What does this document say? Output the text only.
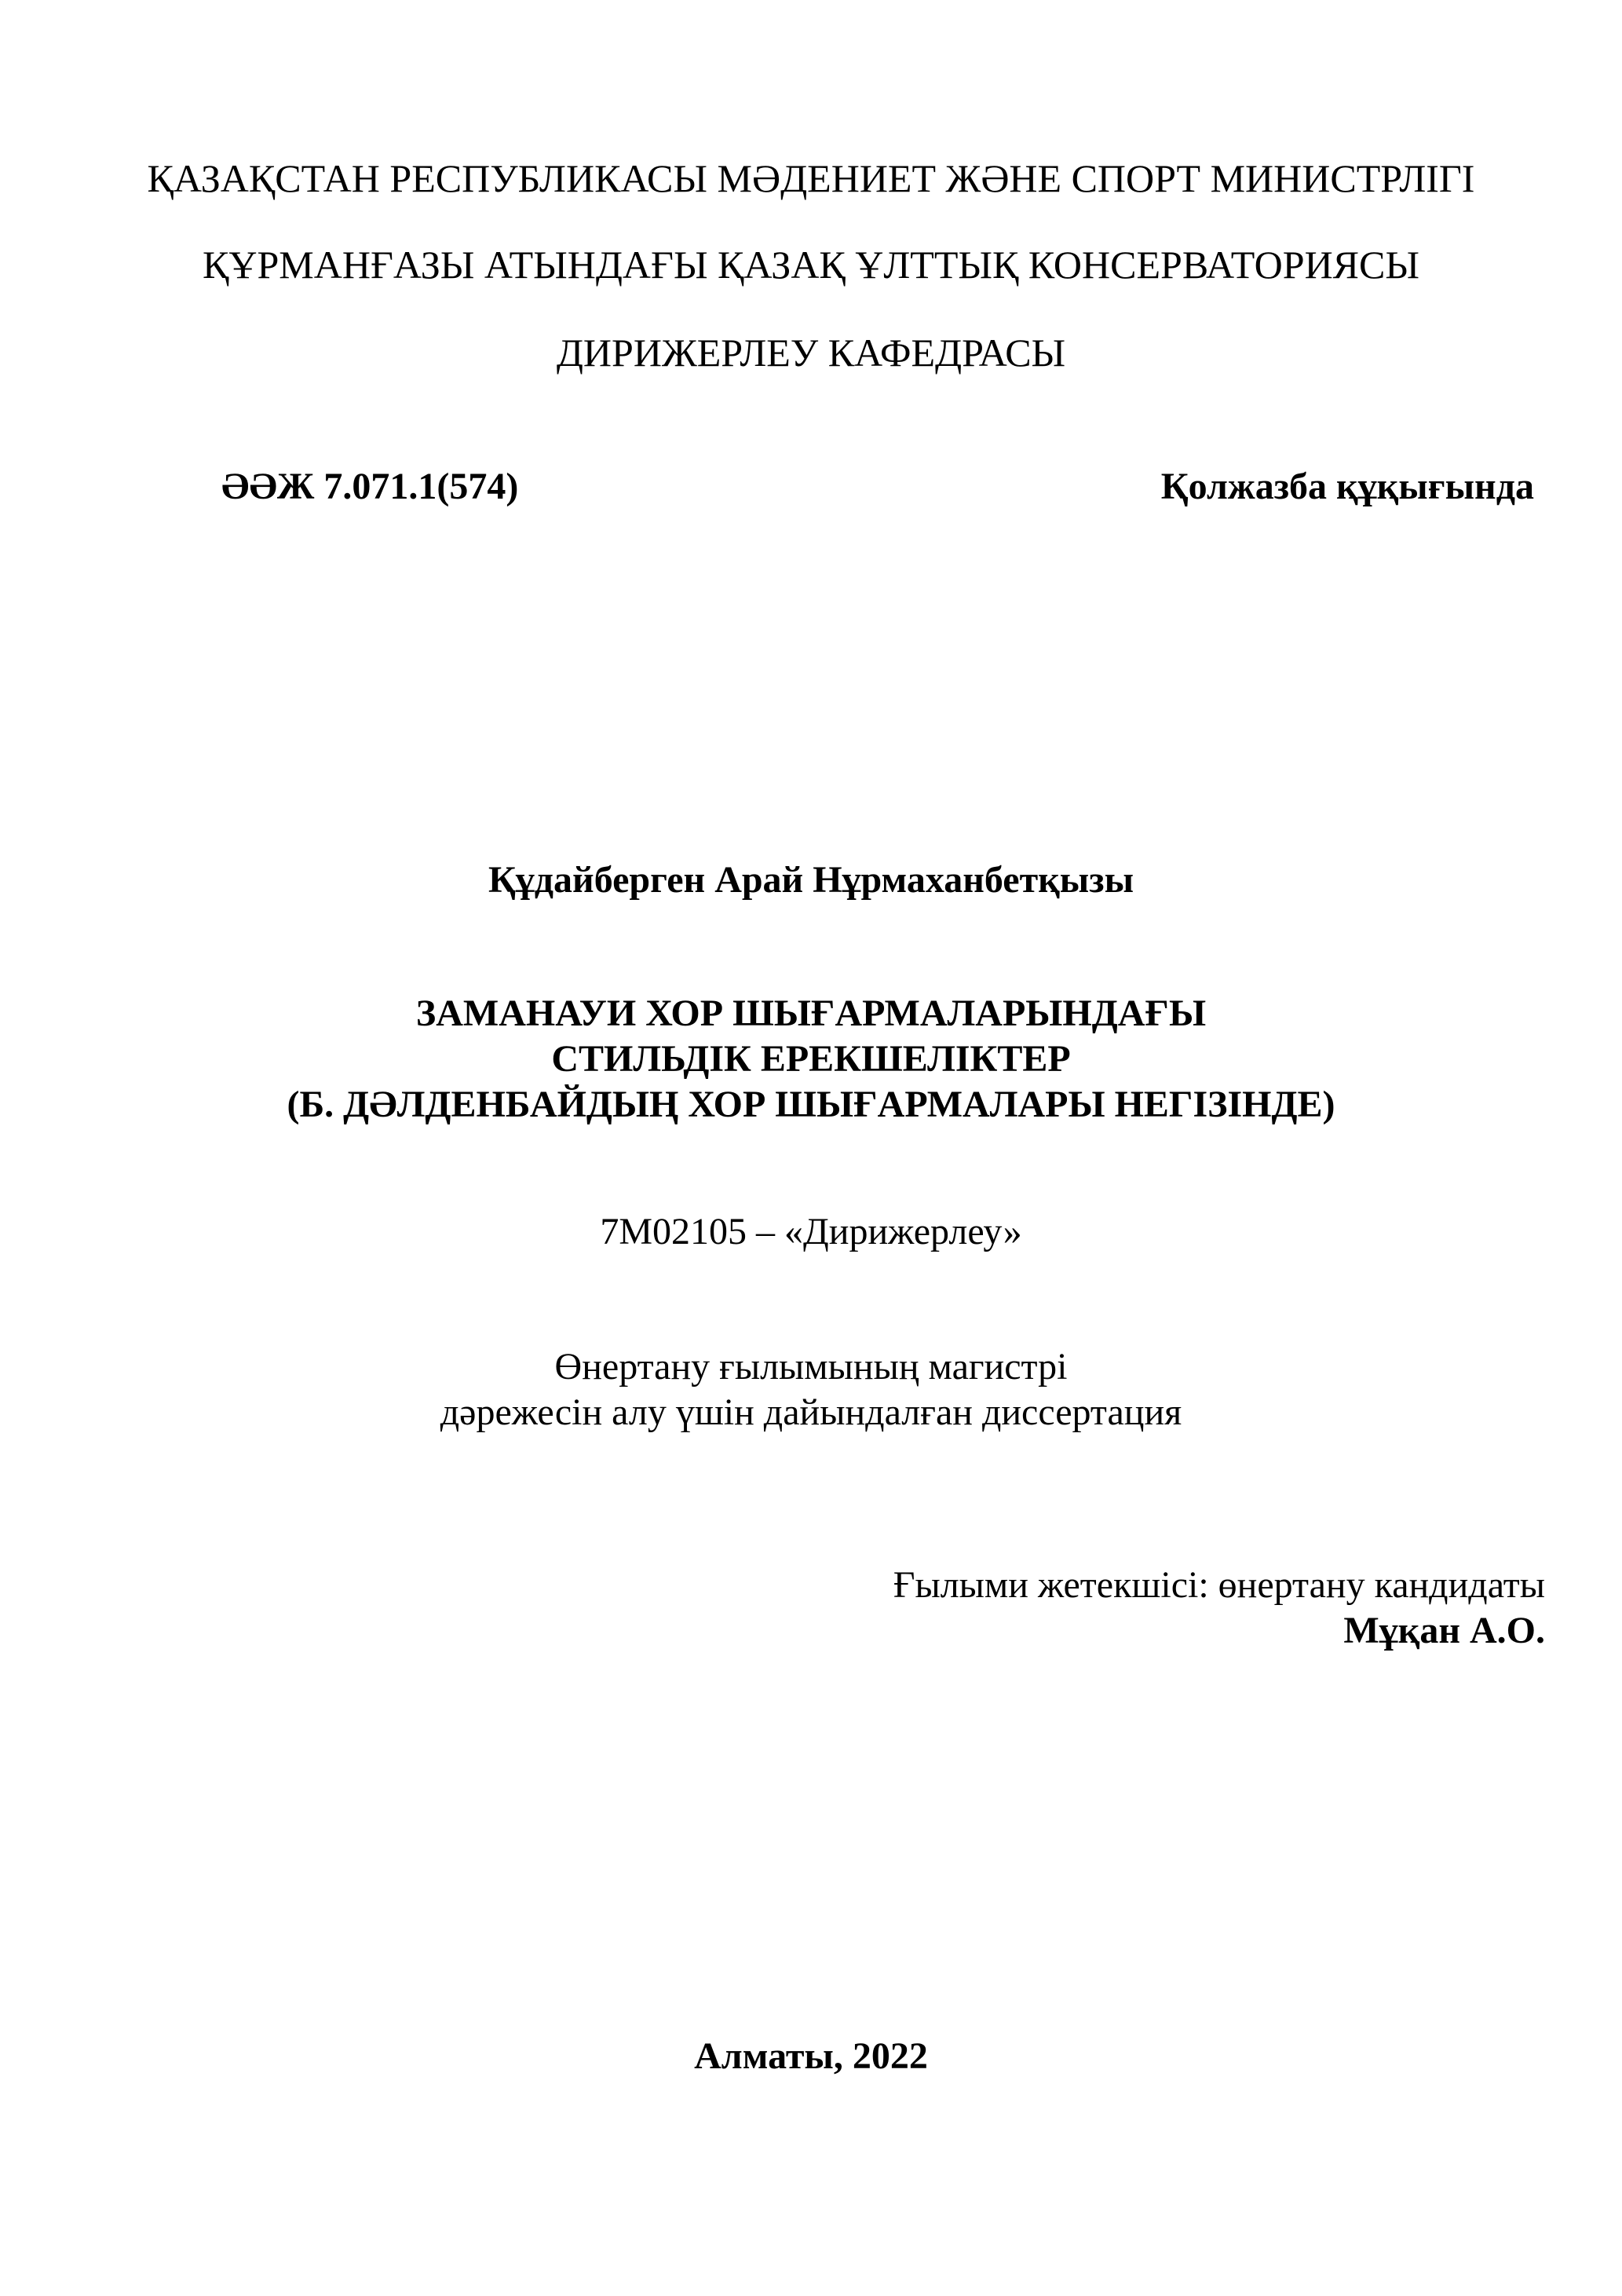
ҚАЗАҚСТАН РЕСПУБЛИКАСЫ МӘДЕНИЕТ ЖӘНЕ СПОРТ МИНИСТРЛІГІ
ҚҰРМАНҒАЗЫ АТЫНДАҒЫ ҚАЗАҚ ҰЛТТЫҚ КОНСЕРВАТОРИЯСЫ
ДИРИЖЕРЛЕУ КАФЕДРАСЫ
ӘӘЖ 7.071.1(574)	Қолжазба құқығында
Құдайберген Арай Нұрмаханбетқызы
ЗАМАНАУИ ХОР ШЫҒАРМАЛАРЫНДАҒЫ
СТИЛЬДІК ЕРЕКШЕЛІКТЕР
(Б. ДӘЛДЕНБАЙДЫҢ ХОР ШЫҒАРМАЛАРЫ НЕГІЗІНДЕ)
7М02105 – «Дирижерлеу»
Өнертану ғылымының магистрі
дәрежесін алу үшін дайындалған диссертация
Ғылыми жетекшісі: өнертану кандидаты
Мұқан А.О.
Алматы, 2022
